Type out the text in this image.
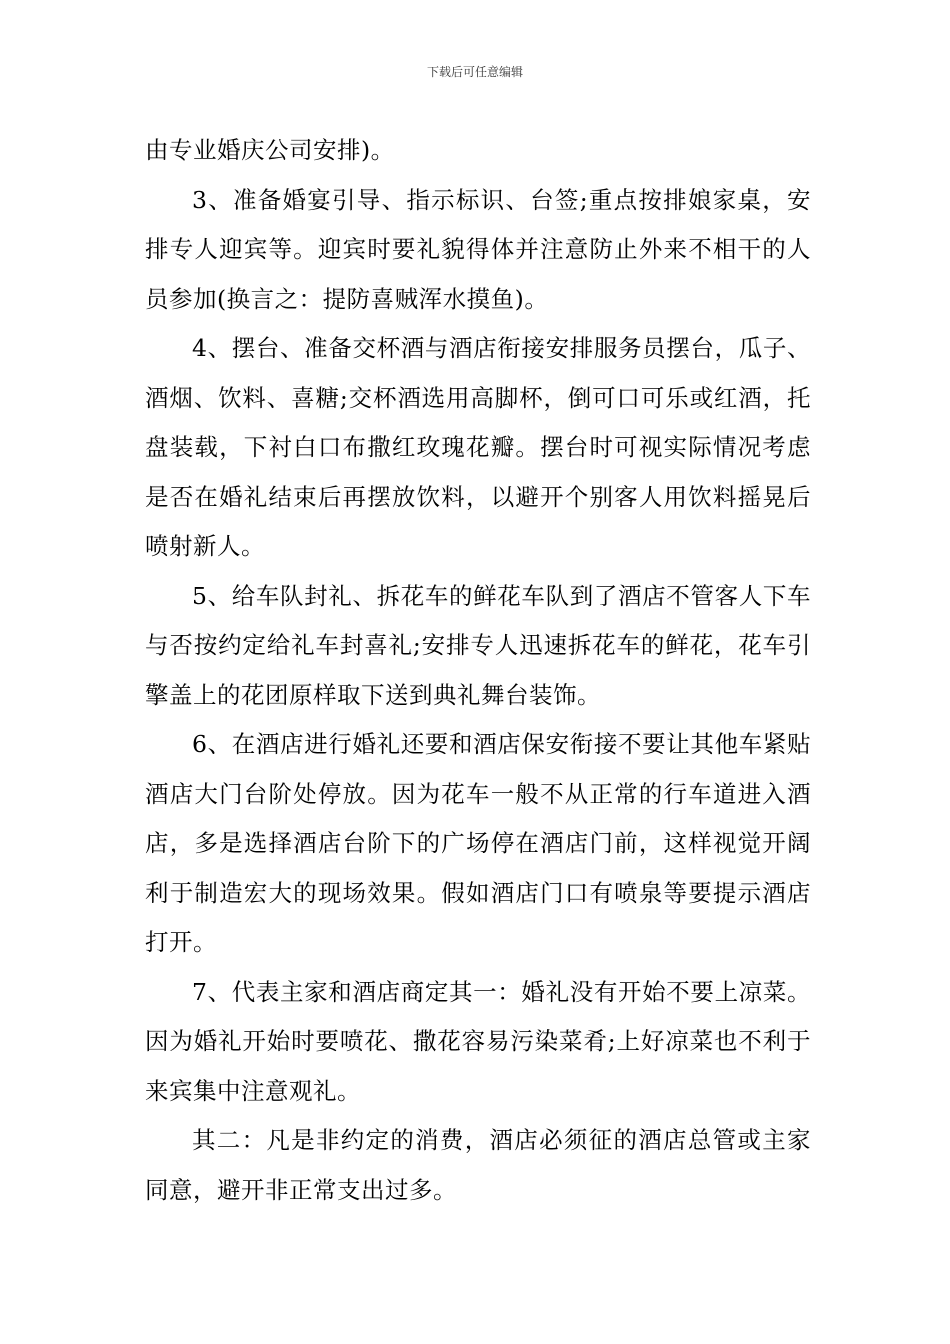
下载后可任意编辑

由专业婚庆公司安排)。

3、准备婚宴引导、指示标识、台签;重点按排娘家桌，安排专人迎宾等。迎宾时要礼貌得体并注意防止外来不相干的人员参加(换言之：提防喜贼浑水摸鱼)。

4、摆台、准备交杯酒与酒店衔接安排服务员摆台，瓜子、酒烟、饮料、喜糖;交杯酒选用高脚杯，倒可口可乐或红酒，托盘装载，下衬白口布撒红玫瑰花瓣。摆台时可视实际情况考虑是否在婚礼结束后再摆放饮料，以避开个别客人用饮料摇晃后喷射新人。

5、给车队封礼、拆花车的鲜花车队到了酒店不管客人下车与否按约定给礼车封喜礼;安排专人迅速拆花车的鲜花，花车引擎盖上的花团原样取下送到典礼舞台装饰。

6、在酒店进行婚礼还要和酒店保安衔接不要让其他车紧贴酒店大门台阶处停放。因为花车一般不从正常的行车道进入酒店，多是选择酒店台阶下的广场停在酒店门前，这样视觉开阔利于制造宏大的现场效果。假如酒店门口有喷泉等要提示酒店打开。

7、代表主家和酒店商定其一：婚礼没有开始不要上凉菜。因为婚礼开始时要喷花、撒花容易污染菜肴;上好凉菜也不利于来宾集中注意观礼。

其二：凡是非约定的消费，酒店必须征的酒店总管或主家同意，避开非正常支出过多。
